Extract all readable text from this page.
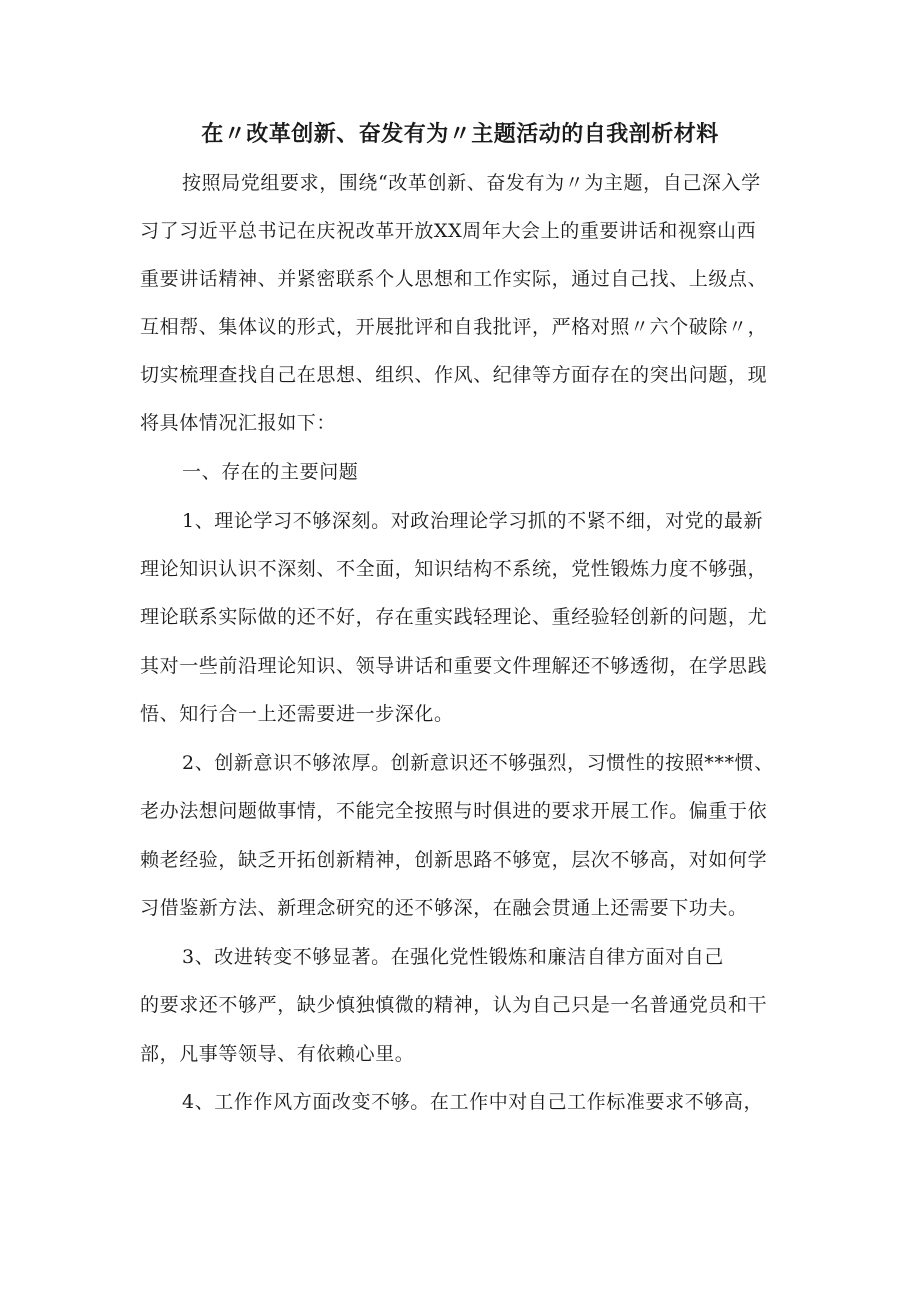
在〃改革创新、奋发有为〃主题活动的自我剖析材料
按照局党组要求，围绕“改革创新、奋发有为〃为主题，自己深入学
习了习近平总书记在庆祝改革开放XX周年大会上的重要讲话和视察山西
重要讲话精神、并紧密联系个人思想和工作实际，通过自己找、上级点、
互相帮、集体议的形式，开展批评和自我批评，严格对照〃六个破除〃，
切实梳理查找自己在思想、组织、作风、纪律等方面存在的突出问题，现
将具体情况汇报如下：
一、存在的主要问题
1、理论学习不够深刻。对政治理论学习抓的不紧不细，对党的最新
理论知识认识不深刻、不全面，知识结构不系统，党性锻炼力度不够强，
理论联系实际做的还不好，存在重实践轻理论、重经验轻创新的问题，尤
其对一些前沿理论知识、领导讲话和重要文件理解还不够透彻，在学思践
悟、知行合一上还需要进一步深化。
2、创新意识不够浓厚。创新意识还不够强烈，习惯性的按照***惯、
老办法想问题做事情，不能完全按照与时俱进的要求开展工作。偏重于依
赖老经验，缺乏开拓创新精神，创新思路不够宽，层次不够高，对如何学
习借鉴新方法、新理念研究的还不够深，在融会贯通上还需要下功夫。
3、改进转变不够显著。在强化党性锻炼和廉洁自律方面对自己
的要求还不够严，缺少慎独慎微的精神，认为自己只是一名普通党员和干
部，凡事等领导、有依赖心里。
4、工作作风方面改变不够。在工作中对自己工作标准要求不够高，
